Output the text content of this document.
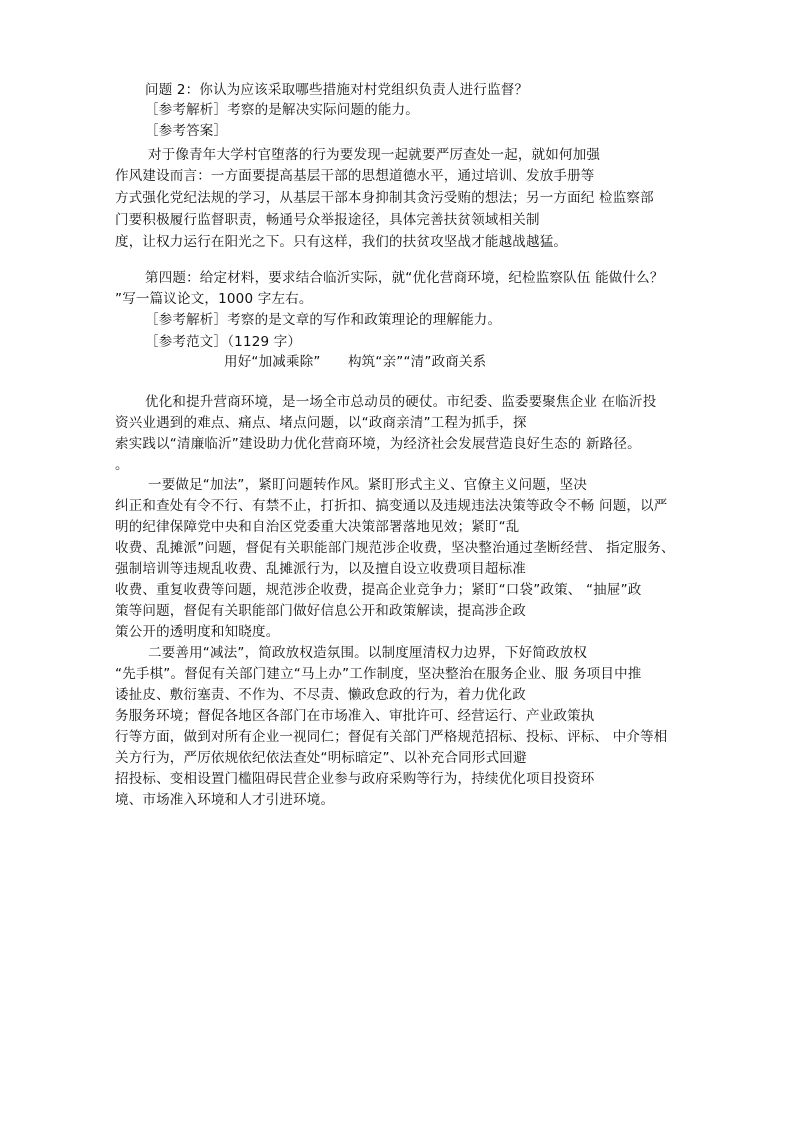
问题 2：你认为应该采取哪些措施对村党组织负责人进行监督？
［参考解析］考察的是解决实际问题的能力。
［参考答案］
对于像青年大学村官堕落的行为要发现一起就要严厉查处一起，就如何加强
作风建设而言：一方面要提高基层干部的思想道德水平，通过培训、发放手册等
方式强化党纪法规的学习，从基层干部本身抑制其贪污受贿的想法；另一方面纪 检监察部
门要积极履行监督职责，畅通号众举报途径，具体完善扶贫领域相关制
度，让权力运行在阳光之下。只有这样，我们的扶贫攻坚战才能越战越猛。
第四题：给定材料，要求结合临沂实际，就“优化营商环境，纪检监察队伍 能做什么？
”写一篇议论文，1000 字左右。
［参考解析］考察的是文章的写作和政策理论的理解能力。
［参考范文］（1129 字）
用好“加减乘除”　　构筑“亲”“清”政商关系
优化和提升营商环境，是一场全市总动员的硬仗。市纪委、监委要聚焦企业 在临沂投
资兴业遇到的难点、痛点、堵点问题，以“政商亲清”工程为抓手，探
索实践以“清廉临沂”建设助力优化营商环境，为经济社会发展营造良好生态的 新路径。
。
一要做足“加法”，紧盯问题转作风。紧盯形式主义、官僚主义问题，坚决
纠正和查处有令不行、有禁不止，打折扣、搞变通以及违规违法决策等政令不畅 问题，以严
明的纪律保障党中央和自治区党委重大决策部署落地见效；紧盯“乱
收费、乱摊派”问题，督促有关职能部门规范涉企收费，坚决整治通过垄断经营、 指定服务、
强制培训等违规乱收费、乱摊派行为，以及擅自设立收费项目超标准
收费、重复收费等问题，规范涉企收费，提高企业竞争力；紧盯“口袋”政策、 “抽屉”政
策等问题，督促有关职能部门做好信息公开和政策解读，提高涉企政
策公开的透明度和知晓度。
二要善用“减法”，简政放权造氛围。以制度厘清权力边界，下好简政放权
“先手棋”。督促有关部门建立“马上办”工作制度，坚决整治在服务企业、服 务项目中推
诿扯皮、敷衍塞责、不作为、不尽责、懒政怠政的行为，着力优化政
务服务环境；督促各地区各部门在市场准入、审批许可、经营运行、产业政策执
行等方面，做到对所有企业一视同仁；督促有关部门严格规范招标、投标、评标、 中介等相
关方行为，严厉依规依纪依法查处“明标暗定”、以补充合同形式回避
招投标、变相设置门槛阻碍民营企业参与政府采购等行为，持续优化项目投资环
境、市场准入环境和人才引进环境。
